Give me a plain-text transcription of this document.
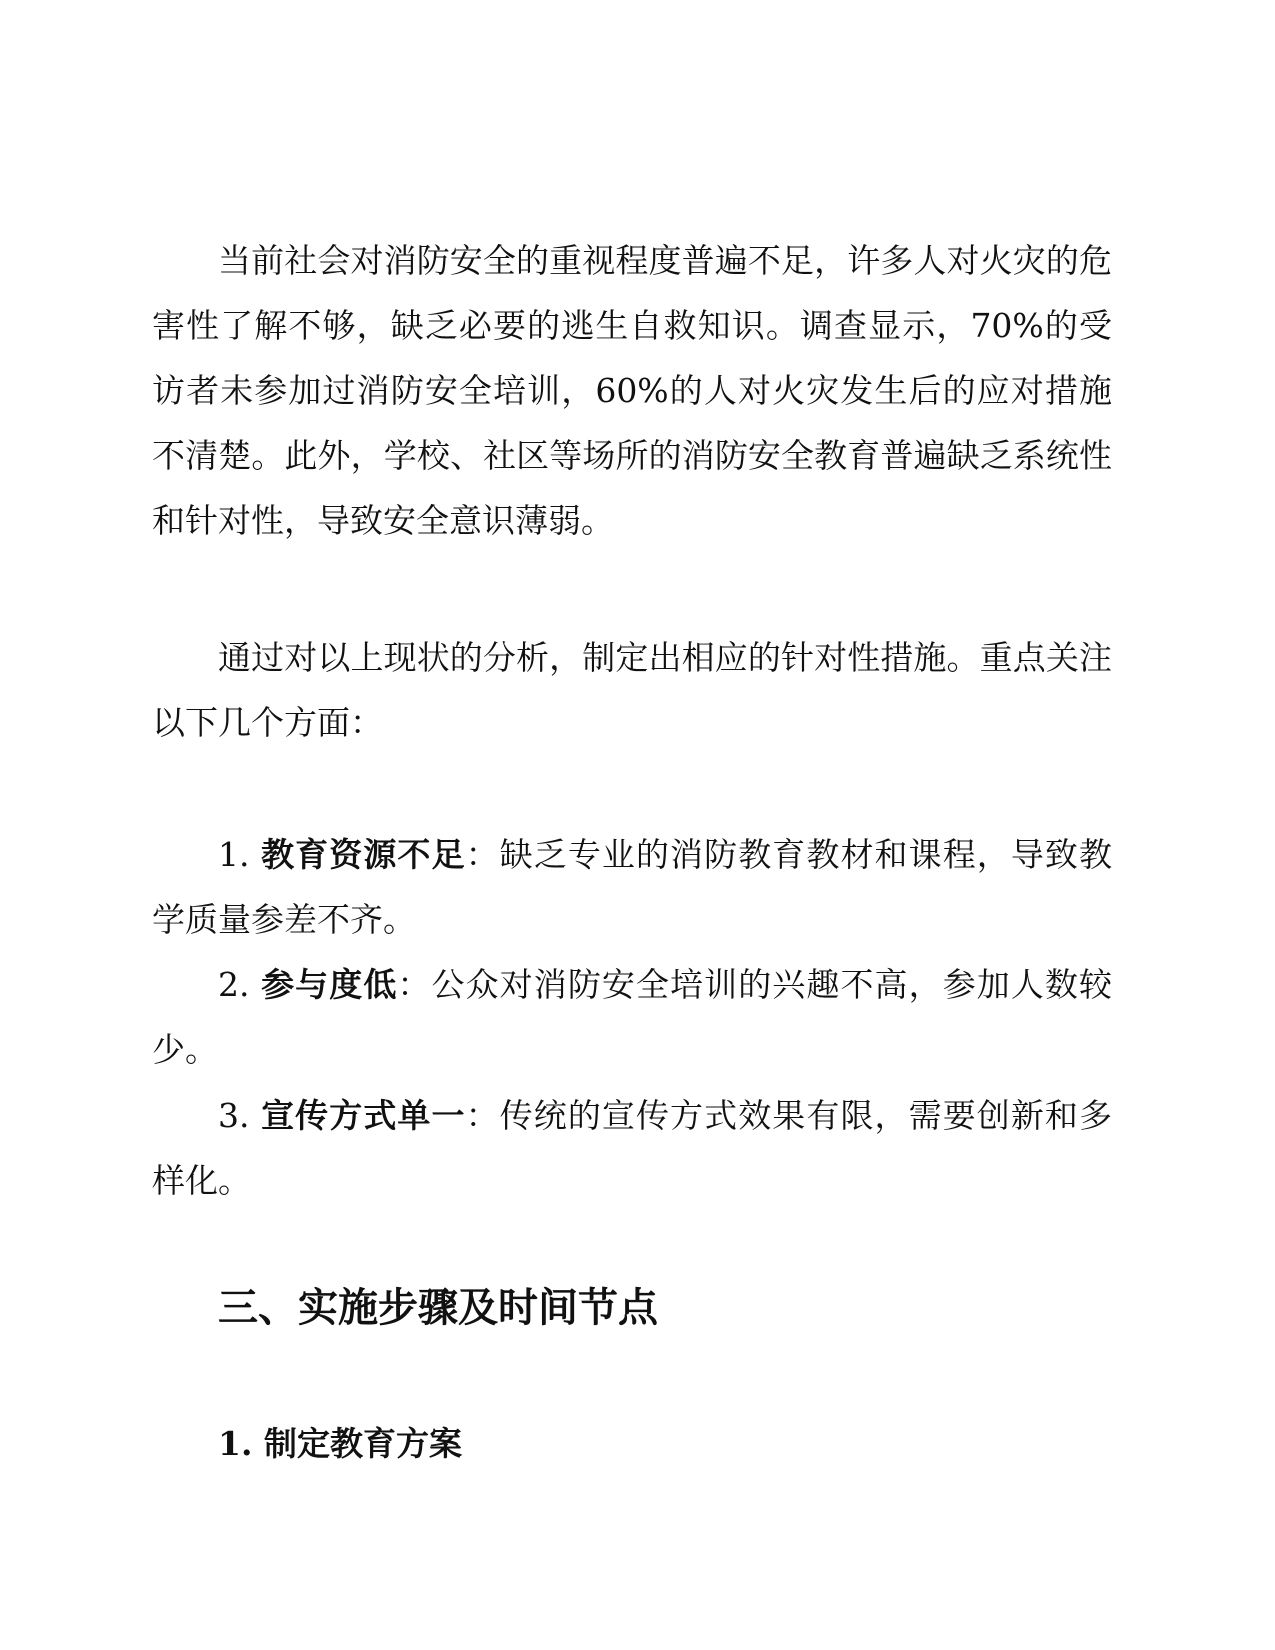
当前社会对消防安全的重视程度普遍不足，许多人对火灾的危害性了解不够，缺乏必要的逃生自救知识。调查显示，70%的受访者未参加过消防安全培训，60%的人对火灾发生后的应对措施不清楚。此外，学校、社区等场所的消防安全教育普遍缺乏系统性和针对性，导致安全意识薄弱。

通过对以上现状的分析，制定出相应的针对性措施。重点关注以下几个方面：

1. 教育资源不足：缺乏专业的消防教育教材和课程，导致教学质量参差不齐。

2. 参与度低：公众对消防安全培训的兴趣不高，参加人数较少。

3. 宣传方式单一：传统的宣传方式效果有限，需要创新和多样化。

三、实施步骤及时间节点
1. 制定教育方案
